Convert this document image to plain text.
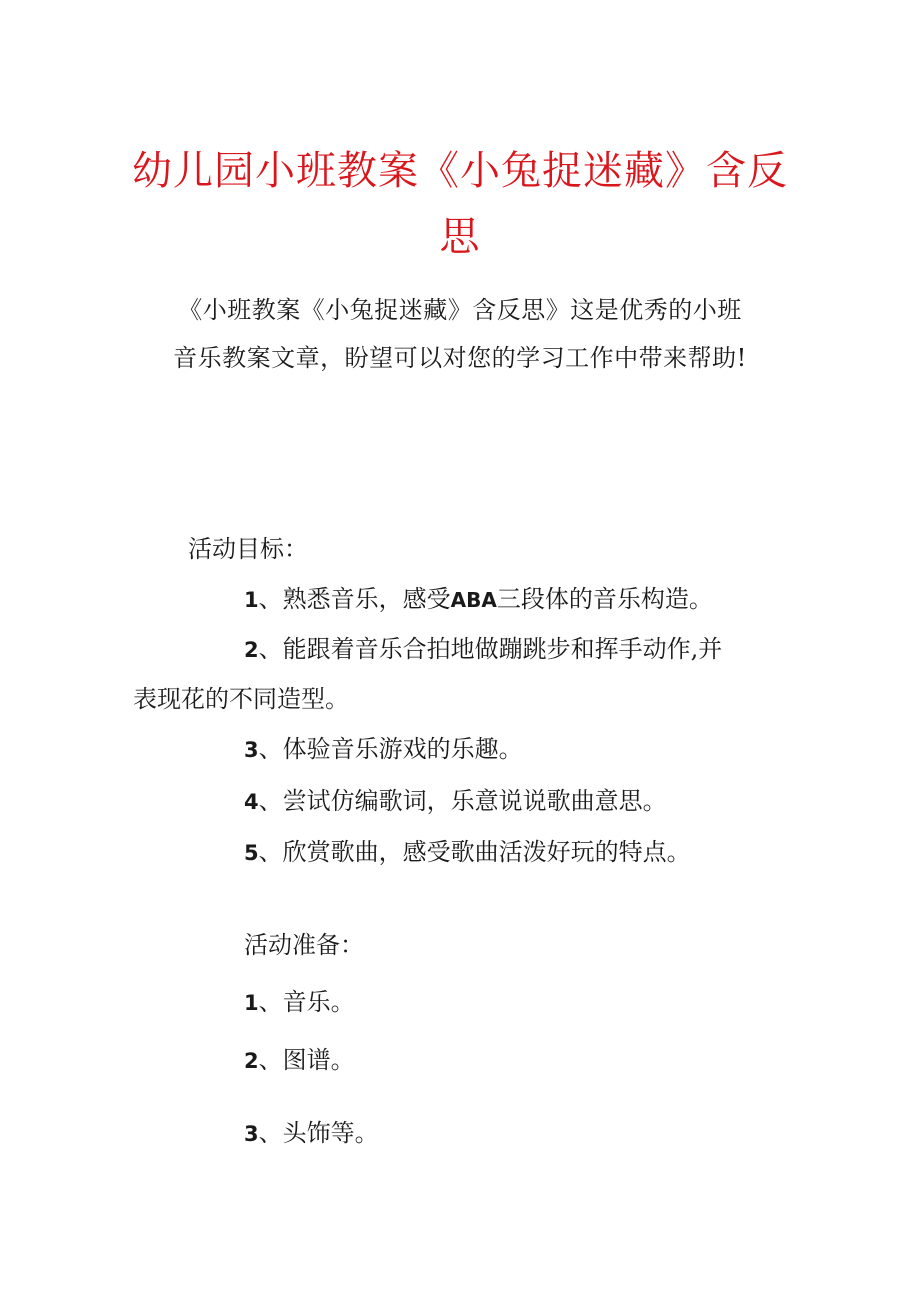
幼儿园小班教案《小兔捉迷藏》含反
思
《小班教案《小兔捉迷藏》含反思》这是优秀的小班
音乐教案文章，盼望可以对您的学习工作中带来帮助!
活动目标：
1、熟悉音乐，感受ABA三段体的音乐构造。
2、能跟着音乐合拍地做蹦跳步和挥手动作,并
表现花的不同造型。
3、体验音乐游戏的乐趣。
4、尝试仿编歌词，乐意说说歌曲意思。
5、欣赏歌曲，感受歌曲活泼好玩的特点。
活动准备：
1、音乐。
2、图谱。
3、头饰等。
